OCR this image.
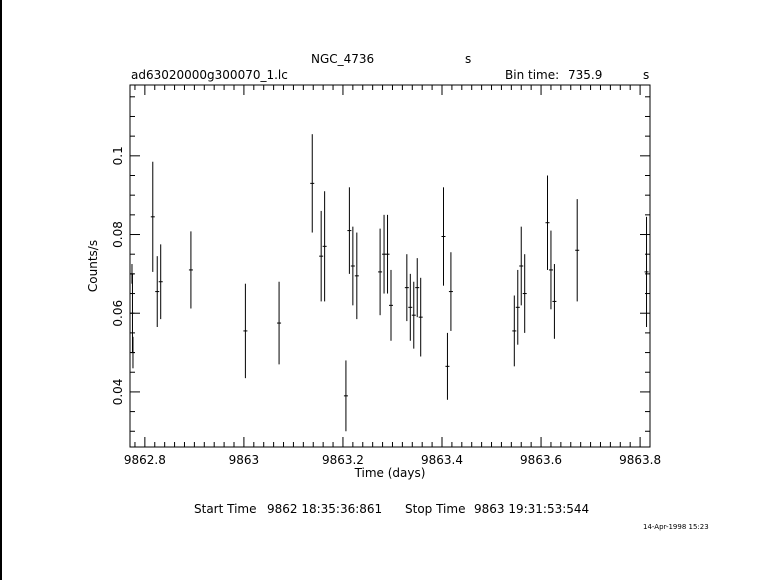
NGC_4736	s
ad63020000g300070_1.lc	Bin time: 735.9	s
9862.8	9863	9863.2	9863.4	9863.6	9863.8
0.04
0.06
0.08
0.1
Time (days)
Counts/s
Start Time 9862 18:35:36:861 Stop Time 9863 19:31:53:544
14-Apr-1998 15:23
